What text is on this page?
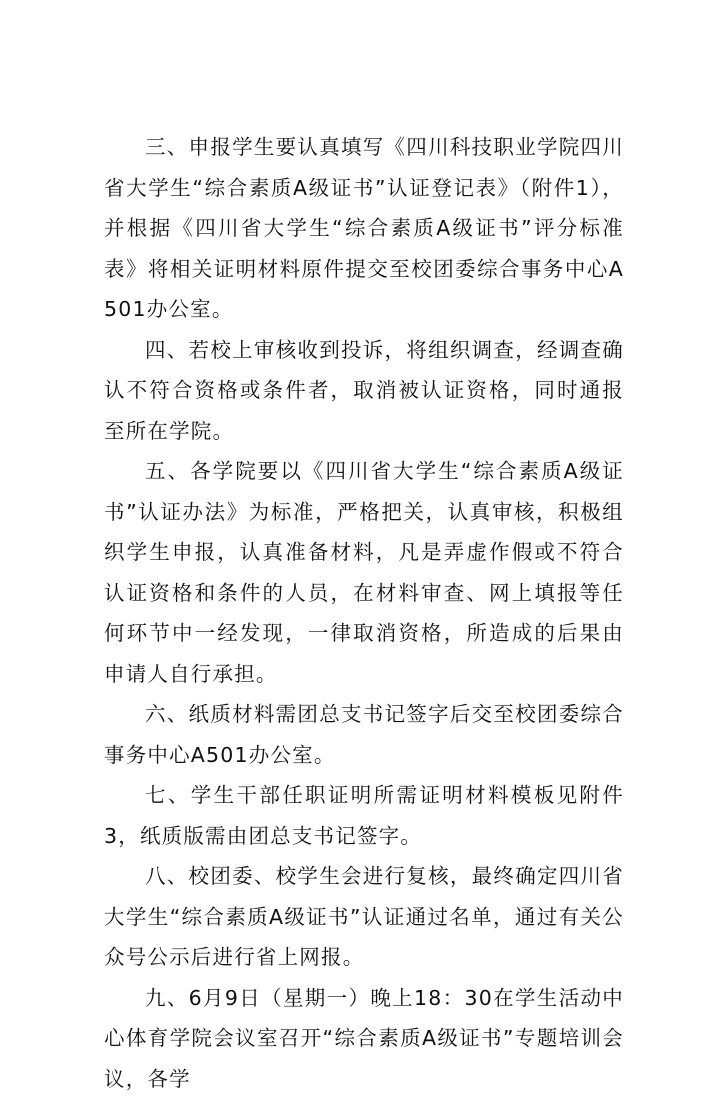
三、申报学生要认真填写《四川科技职业学院四川省大学生“综合素质A级证书”认证登记表》（附件1），并根据《四川省大学生“综合素质A级证书”评分标准表》将相关证明材料原件提交至校团委综合事务中心A501办公室。

四、若校上审核收到投诉，将组织调查，经调查确认不符合资格或条件者，取消被认证资格，同时通报至所在学院。

五、各学院要以《四川省大学生“综合素质A级证书”认证办法》为标准，严格把关，认真审核，积极组织学生申报，认真准备材料，凡是弄虚作假或不符合认证资格和条件的人员，在材料审查、网上填报等任何环节中一经发现，一律取消资格，所造成的后果由申请人自行承担。

六、纸质材料需团总支书记签字后交至校团委综合事务中心A501办公室。

七、学生干部任职证明所需证明材料模板见附件3，纸质版需由团总支书记签字。

八、校团委、校学生会进行复核，最终确定四川省大学生“综合素质A级证书”认证通过名单，通过有关公众号公示后进行省上网报。

九、6月9日（星期一）晚上18：30在学生活动中心体育学院会议室召开“综合素质A级证书”专题培训会议，各学
